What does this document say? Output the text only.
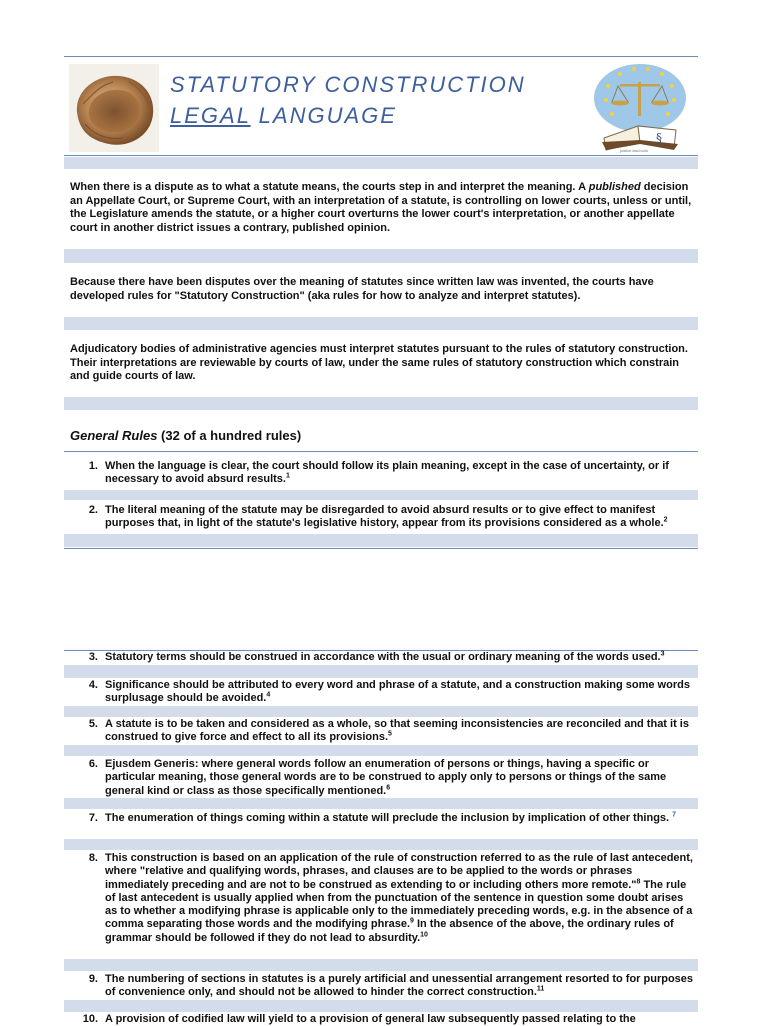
STATUTORY CONSTRUCTION
LEGAL LANGUAGE
§
justice.law.book
When there is a dispute as to what a statute means, the courts step in and interpret the meaning. A published decision an Appellate Court, or Supreme Court, with an interpretation of a statute, is controlling on lower courts, unless or until, the Legislature amends the statute, or a higher court overturns the lower court's interpretation, or another appellate court in another district issues a contrary, published opinion.
Because there have been disputes over the meaning of statutes since written law was invented, the courts have developed rules for "Statutory Construction" (aka rules for how to analyze and interpret statutes).
Adjudicatory bodies of administrative agencies must interpret statutes pursuant to the rules of statutory construction. Their interpretations are reviewable by courts of law, under the same rules of statutory construction which constrain and guide courts of law.
General Rules (32 of a hundred rules)
1. When the language is clear, the court should follow its plain meaning, except in the case of uncertainty, or if necessary to avoid absurd results.$^1$
2. The literal meaning of the statute may be disregarded to avoid absurd results or to give effect to manifest purposes that, in light of the statute's legislative history, appear from its provisions considered as a whole.$^2$
3. Statutory terms should be construed in accordance with the usual or ordinary meaning of the words used.$^3$
4. Significance should be attributed to every word and phrase of a statute, and a construction making some words surplusage should be avoided.$^4$
5. A statute is to be taken and considered as a whole, so that seeming inconsistencies are reconciled and that it is construed to give force and effect to all its provisions.$^5$
6. Ejusdem Generis: where general words follow an enumeration of persons or things, having a specific or particular meaning, those general words are to be construed to apply only to persons or things of the same general kind or class as those specifically mentioned.$^6$
7. The enumeration of things coming within a statute will preclude the inclusion by implication of other things. $^7$
8. This construction is based on an application of the rule of construction referred to as the rule of last antecedent, where "relative and qualifying words, phrases, and clauses are to be applied to the words or phrases immediately preceding and are not to be construed as extending to or including others more remote."$^8$ The rule of last antecedent is usually applied when from the punctuation of the sentence in question some doubt arises as to whether a modifying phrase is applicable only to the immediately preceding words, e.g. in the absence of a comma separating those words and the modifying phrase.$^9$ In the absence of the above, the ordinary rules of grammar should be followed if they do not lead to absurdity.$^{10}$
9. The numbering of sections in statutes is a purely artificial and unessential arrangement resorted to for purposes of convenience only, and should not be allowed to hinder the correct construction.$^{11}$
10. A provision of codified law will yield to a provision of general law subsequently passed relating to the
